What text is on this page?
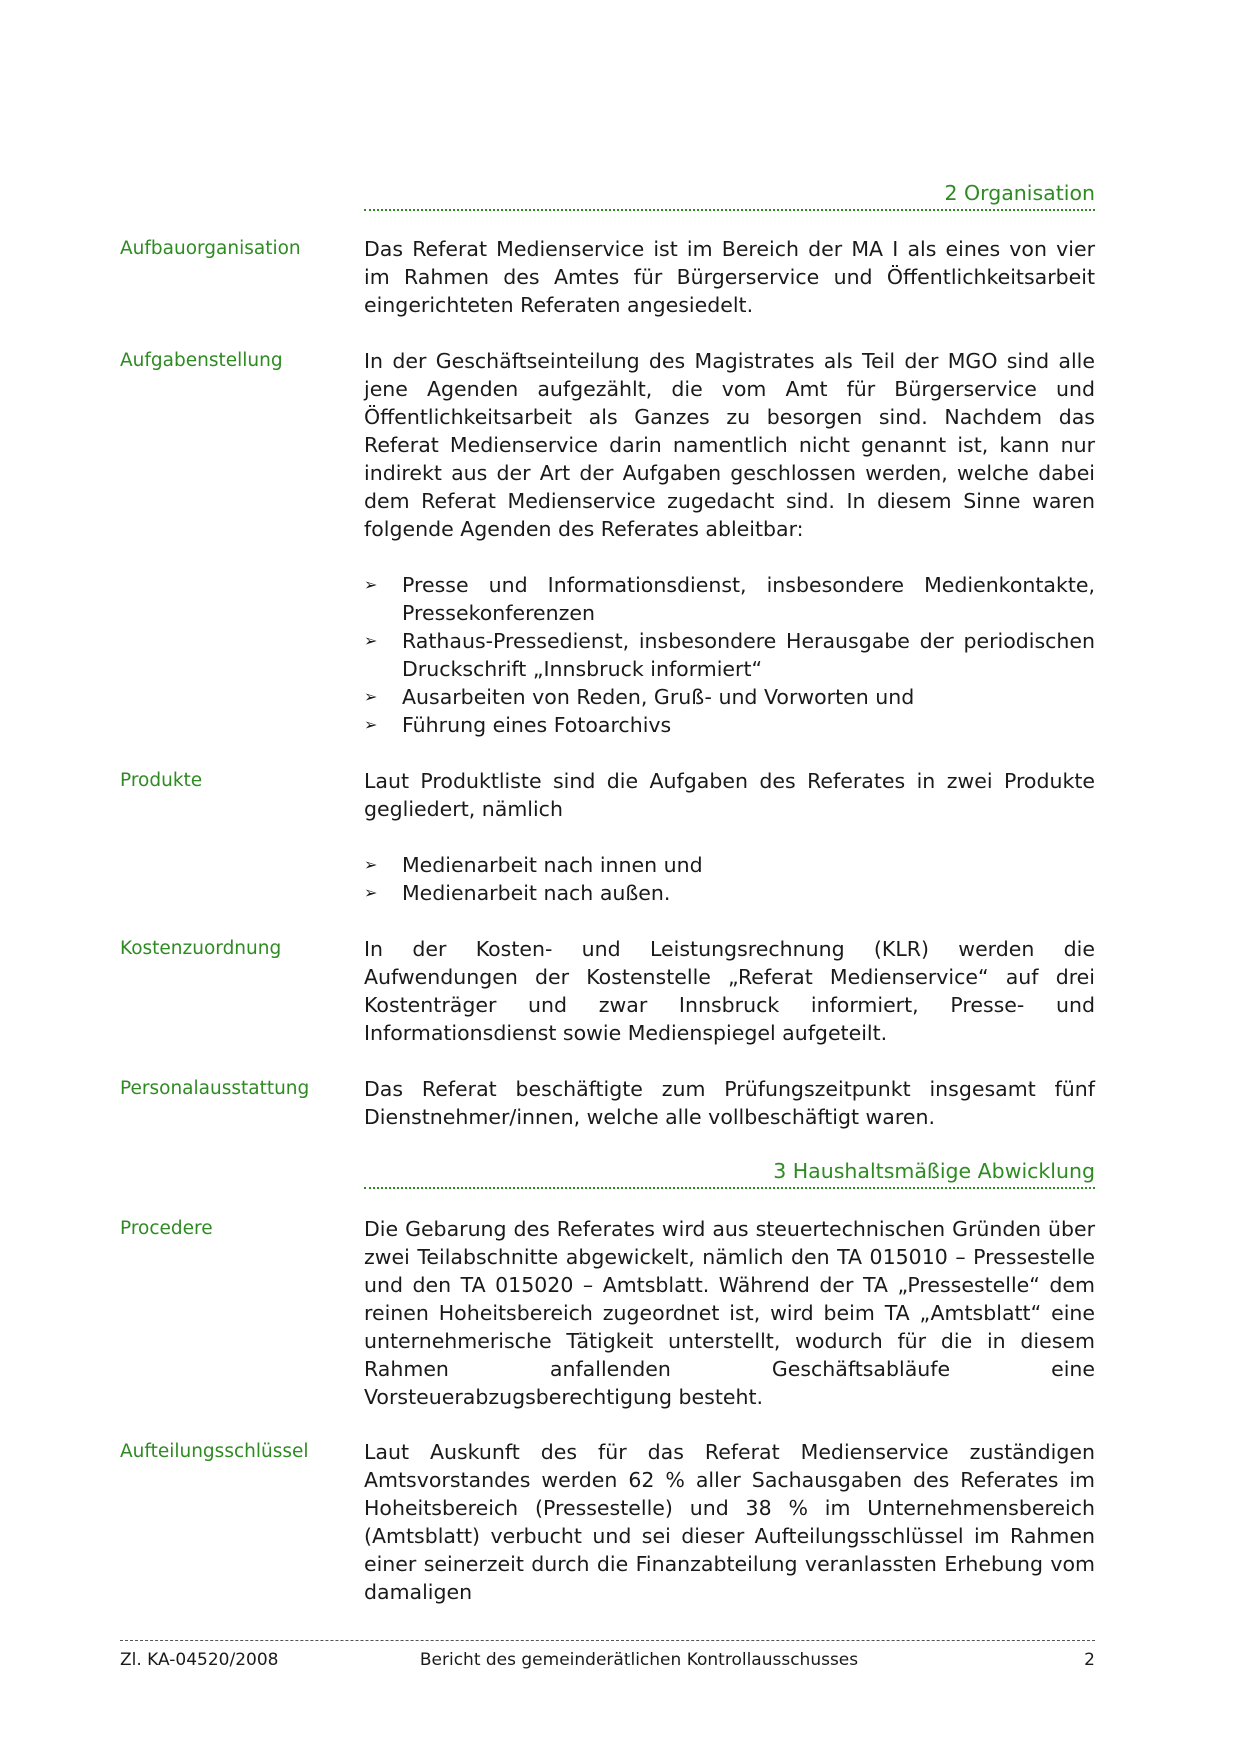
2 Organisation
Aufbauorganisation	Das Referat Medienservice ist im Bereich der MA I als eines von vier im Rahmen des Amtes für Bürgerservice und Öffentlichkeitsarbeit eingerichteten Referaten angesiedelt.
Aufgabenstellung	In der Geschäftseinteilung des Magistrates als Teil der MGO sind alle jene Agenden aufgezählt, die vom Amt für Bürgerservice und Öffentlichkeitsarbeit als Ganzes zu besorgen sind. Nachdem das Referat Medienservice darin namentlich nicht genannt ist, kann nur indirekt aus der Art der Aufgaben geschlossen werden, welche dabei dem Referat Medienservice zugedacht sind. In diesem Sinne waren folgende Agenden des Referates ableitbar:
➢ Presse und Informationsdienst, insbesondere Medienkontakte, Pressekonferenzen
➢ Rathaus-Pressedienst, insbesondere Herausgabe der periodischen Druckschrift „Innsbruck informiert“
➢ Ausarbeiten von Reden, Gruß- und Vorworten und
➢ Führung eines Fotoarchivs
Produkte	Laut Produktliste sind die Aufgaben des Referates in zwei Produkte gegliedert, nämlich
➢ Medienarbeit nach innen und
➢ Medienarbeit nach außen.
Kostenzuordnung	In der Kosten- und Leistungsrechnung (KLR) werden die Aufwendungen der Kostenstelle „Referat Medienservice“ auf drei Kostenträger und zwar Innsbruck informiert, Presse- und Informationsdienst sowie Medienspiegel aufgeteilt.
Personalausstattung	Das Referat beschäftigte zum Prüfungszeitpunkt insgesamt fünf Dienstnehmer/innen, welche alle vollbeschäftigt waren.
3 Haushaltsmäßige Abwicklung
Procedere	Die Gebarung des Referates wird aus steuertechnischen Gründen über zwei Teilabschnitte abgewickelt, nämlich den TA 015010 – Pressestelle und den TA 015020 – Amtsblatt. Während der TA „Pressestelle“ dem reinen Hoheitsbereich zugeordnet ist, wird beim TA „Amtsblatt“ eine unternehmerische Tätigkeit unterstellt, wodurch für die in diesem Rahmen anfallenden Geschäftsabläufe eine Vorsteuerabzugsberechtigung besteht.
Aufteilungsschlüssel	Laut Auskunft des für das Referat Medienservice zuständigen Amtsvorstandes werden 62 % aller Sachausgaben des Referates im Hoheitsbereich (Pressestelle) und 38 % im Unternehmensbereich (Amtsblatt) verbucht und sei dieser Aufteilungsschlüssel im Rahmen einer seinerzeit durch die Finanzabteilung veranlassten Erhebung vom damaligen
Zl. KA-04520/2008	Bericht des gemeinderätlichen Kontrollausschusses	2
